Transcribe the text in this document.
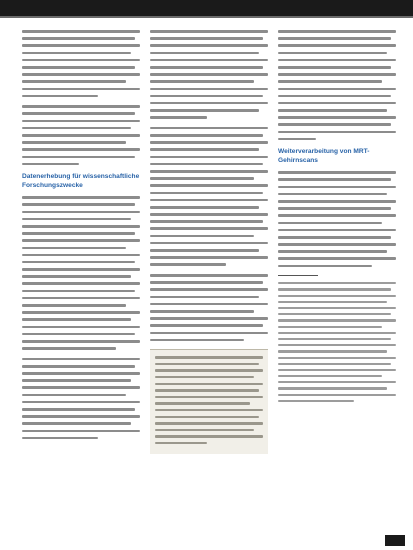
Datenerhebung für wissenschaftliche Forschungszwecke
Weiterverarbeitung von MRT-Gehirnscans
